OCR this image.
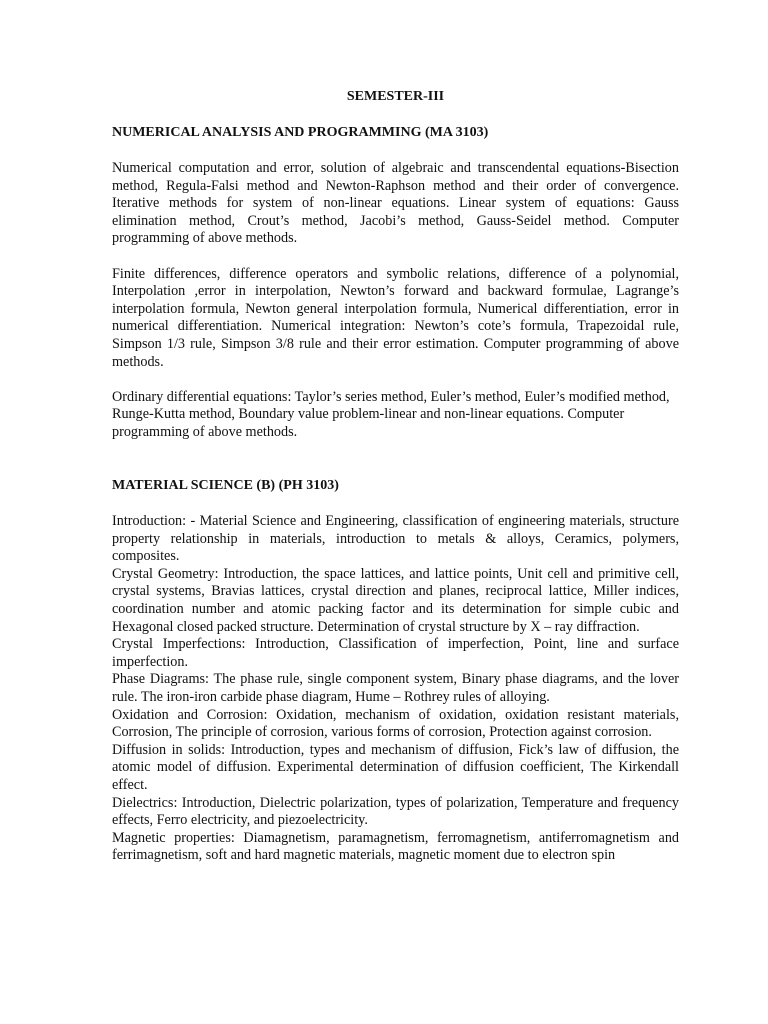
SEMESTER-III
NUMERICAL ANALYSIS AND PROGRAMMING (MA 3103)

Numerical computation and error, solution of algebraic and transcendental equations-Bisection method, Regula-Falsi method and Newton-Raphson method and their order of convergence. Iterative methods for system of non-linear equations. Linear system of equations: Gauss elimination method, Crout’s method, Jacobi’s method, Gauss-Seidel method. Computer programming of above methods.

Finite differences, difference operators and symbolic relations, difference of a polynomial, Interpolation ,error in interpolation, Newton’s forward and backward formulae, Lagrange’s interpolation formula, Newton general interpolation formula, Numerical differentiation, error in numerical differentiation. Numerical integration: Newton’s cote’s formula, Trapezoidal rule, Simpson 1/3 rule, Simpson 3/8 rule and their error estimation. Computer programming of above methods.

Ordinary differential equations: Taylor’s series method, Euler’s method, Euler’s modified method, Runge-Kutta method, Boundary value problem-linear and non-linear equations. Computer programming of above methods.

MATERIAL SCIENCE (B) (PH 3103)

Introduction: - Material Science and Engineering, classification of engineering materials, structure property relationship in materials, introduction to metals & alloys, Ceramics, polymers, composites.

Crystal Geometry: Introduction, the space lattices, and lattice points, Unit cell and primitive cell, crystal systems, Bravias lattices, crystal direction and planes, reciprocal lattice, Miller indices, coordination number and atomic packing factor and its determination for simple cubic and Hexagonal closed packed structure. Determination of crystal structure by X – ray diffraction.

Crystal Imperfections: Introduction, Classification of imperfection, Point, line and surface imperfection.

Phase Diagrams: The phase rule, single component system, Binary phase diagrams, and the lover rule. The iron-iron carbide phase diagram, Hume – Rothrey rules of alloying.

Oxidation and Corrosion: Oxidation, mechanism of oxidation, oxidation resistant materials, Corrosion, The principle of corrosion, various forms of corrosion, Protection against corrosion.

Diffusion in solids: Introduction, types and mechanism of diffusion, Fick’s law of diffusion, the atomic model of diffusion. Experimental determination of diffusion coefficient, The Kirkendall effect.

Dielectrics: Introduction, Dielectric polarization, types of polarization, Temperature and frequency effects, Ferro electricity, and piezoelectricity.

Magnetic properties: Diamagnetism, paramagnetism, ferromagnetism, antiferromagnetism and ferrimagnetism, soft and hard magnetic materials, magnetic moment due to electron spin
